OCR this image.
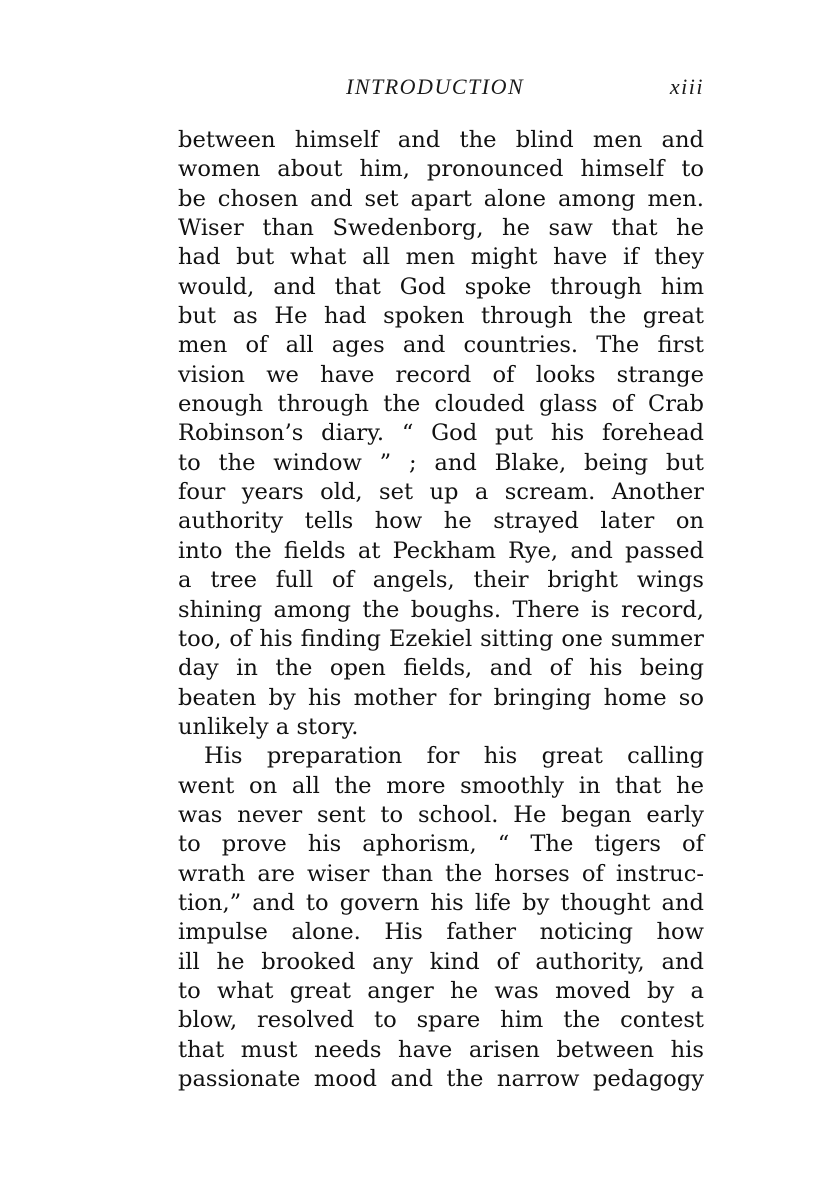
INTRODUCTION	xiii
between himself and the blind men and
women about him, pronounced himself to
be chosen and set apart alone among men.
Wiser than Swedenborg, he saw that he
had but what all men might have if they
would, and that God spoke through him
but as He had spoken through the great
men of all ages and countries. The first
vision we have record of looks strange
enough through the clouded glass of Crab
Robinson’s diary. “ God put his forehead
to the window ” ; and Blake, being but
four years old, set up a scream. Another
authority tells how he strayed later on
into the fields at Peckham Rye, and passed
a tree full of angels, their bright wings
shining among the boughs. There is record,
too, of his finding Ezekiel sitting one summer
day in the open fields, and of his being
beaten by his mother for bringing home so
unlikely a story.
His preparation for his great calling
went on all the more smoothly in that he
was never sent to school. He began early
to prove his aphorism, “ The tigers of
wrath are wiser than the horses of instruc-
tion,” and to govern his life by thought and
impulse alone. His father noticing how
ill he brooked any kind of authority, and
to what great anger he was moved by a
blow, resolved to spare him the contest
that must needs have arisen between his
passionate mood and the narrow pedagogy
